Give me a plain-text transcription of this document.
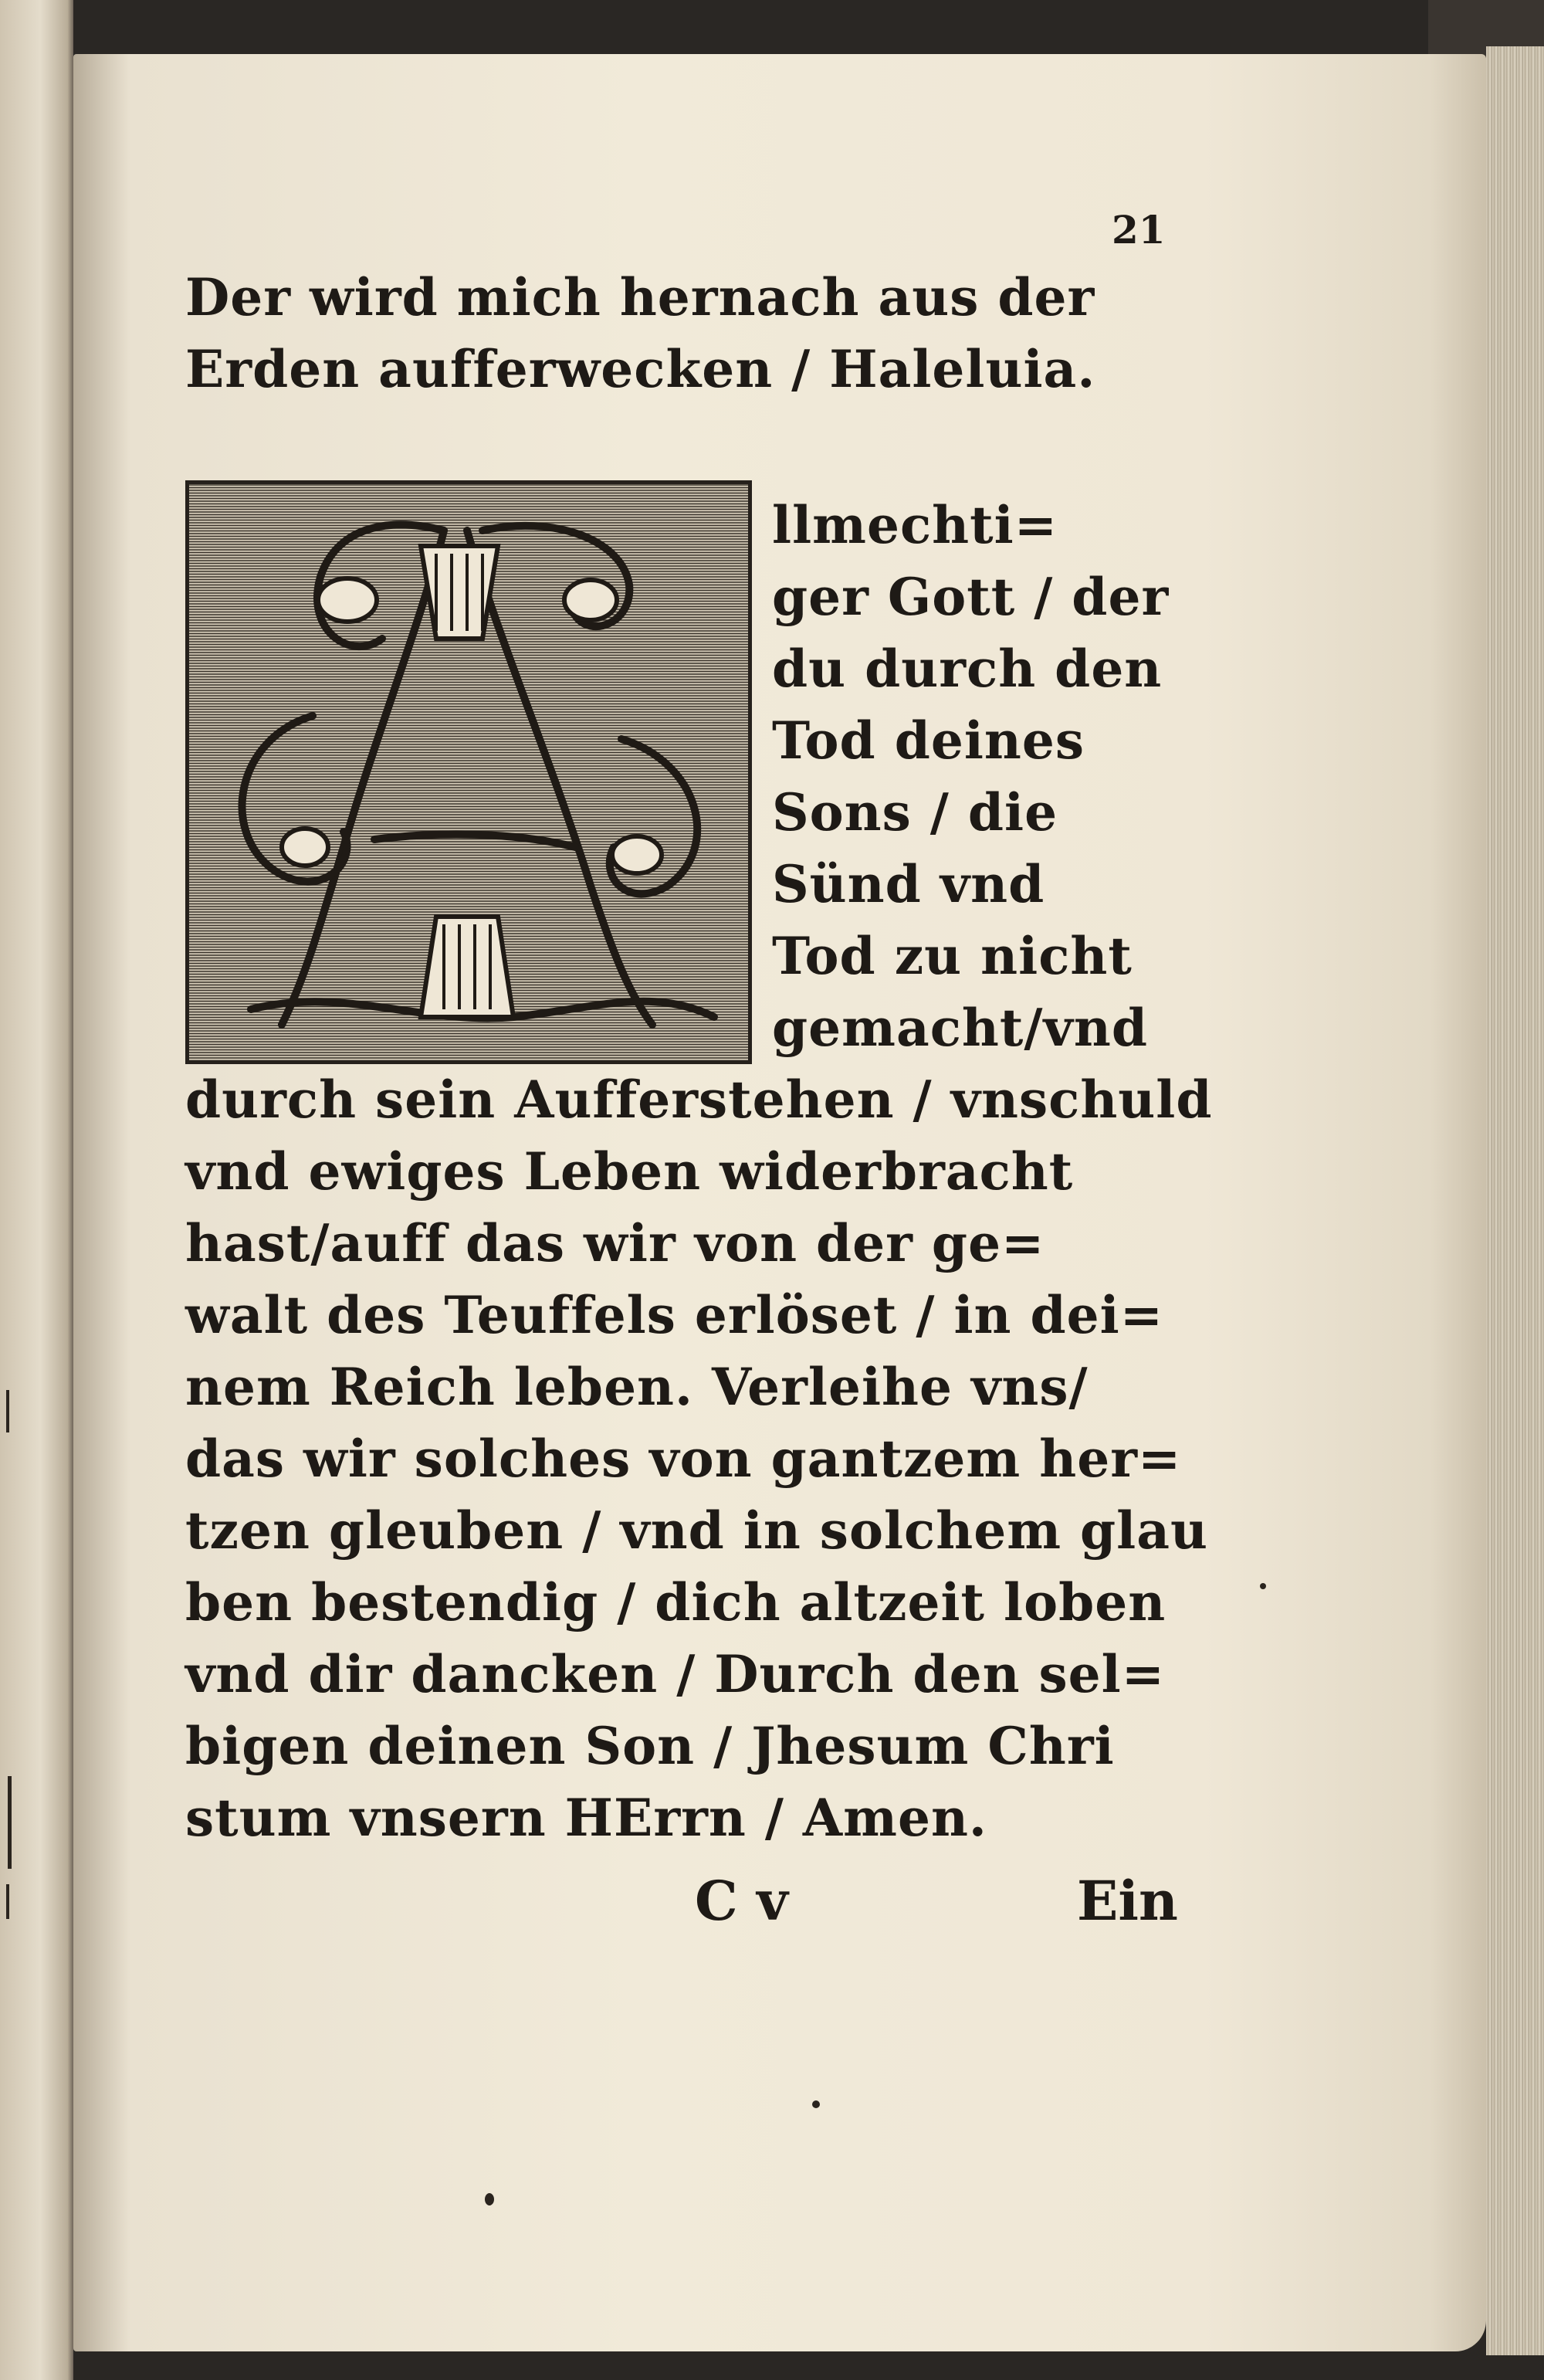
21

Der wird mich hernach aus der

Erden aufferwecken / Haleluia.

llmechti=

ger Gott / der

du durch den

Tod deines

Sons / die

Sünd vnd

Tod zu nicht

gemacht/vnd

durch sein Aufferstehen / vnschuld

vnd ewiges Leben widerbracht

hast/auff das wir von der ge=

walt des Teuffels erlöset / in dei=

nem Reich leben. Verleihe vns/

das wir solches von gantzem her=

tzen gleuben / vnd in solchem glau

ben bestendig / dich altzeit loben

vnd dir dancken / Durch den sel=

bigen deinen Son / Jhesum Chri

stum vnsern HErrn / Amen.

C v	Ein
